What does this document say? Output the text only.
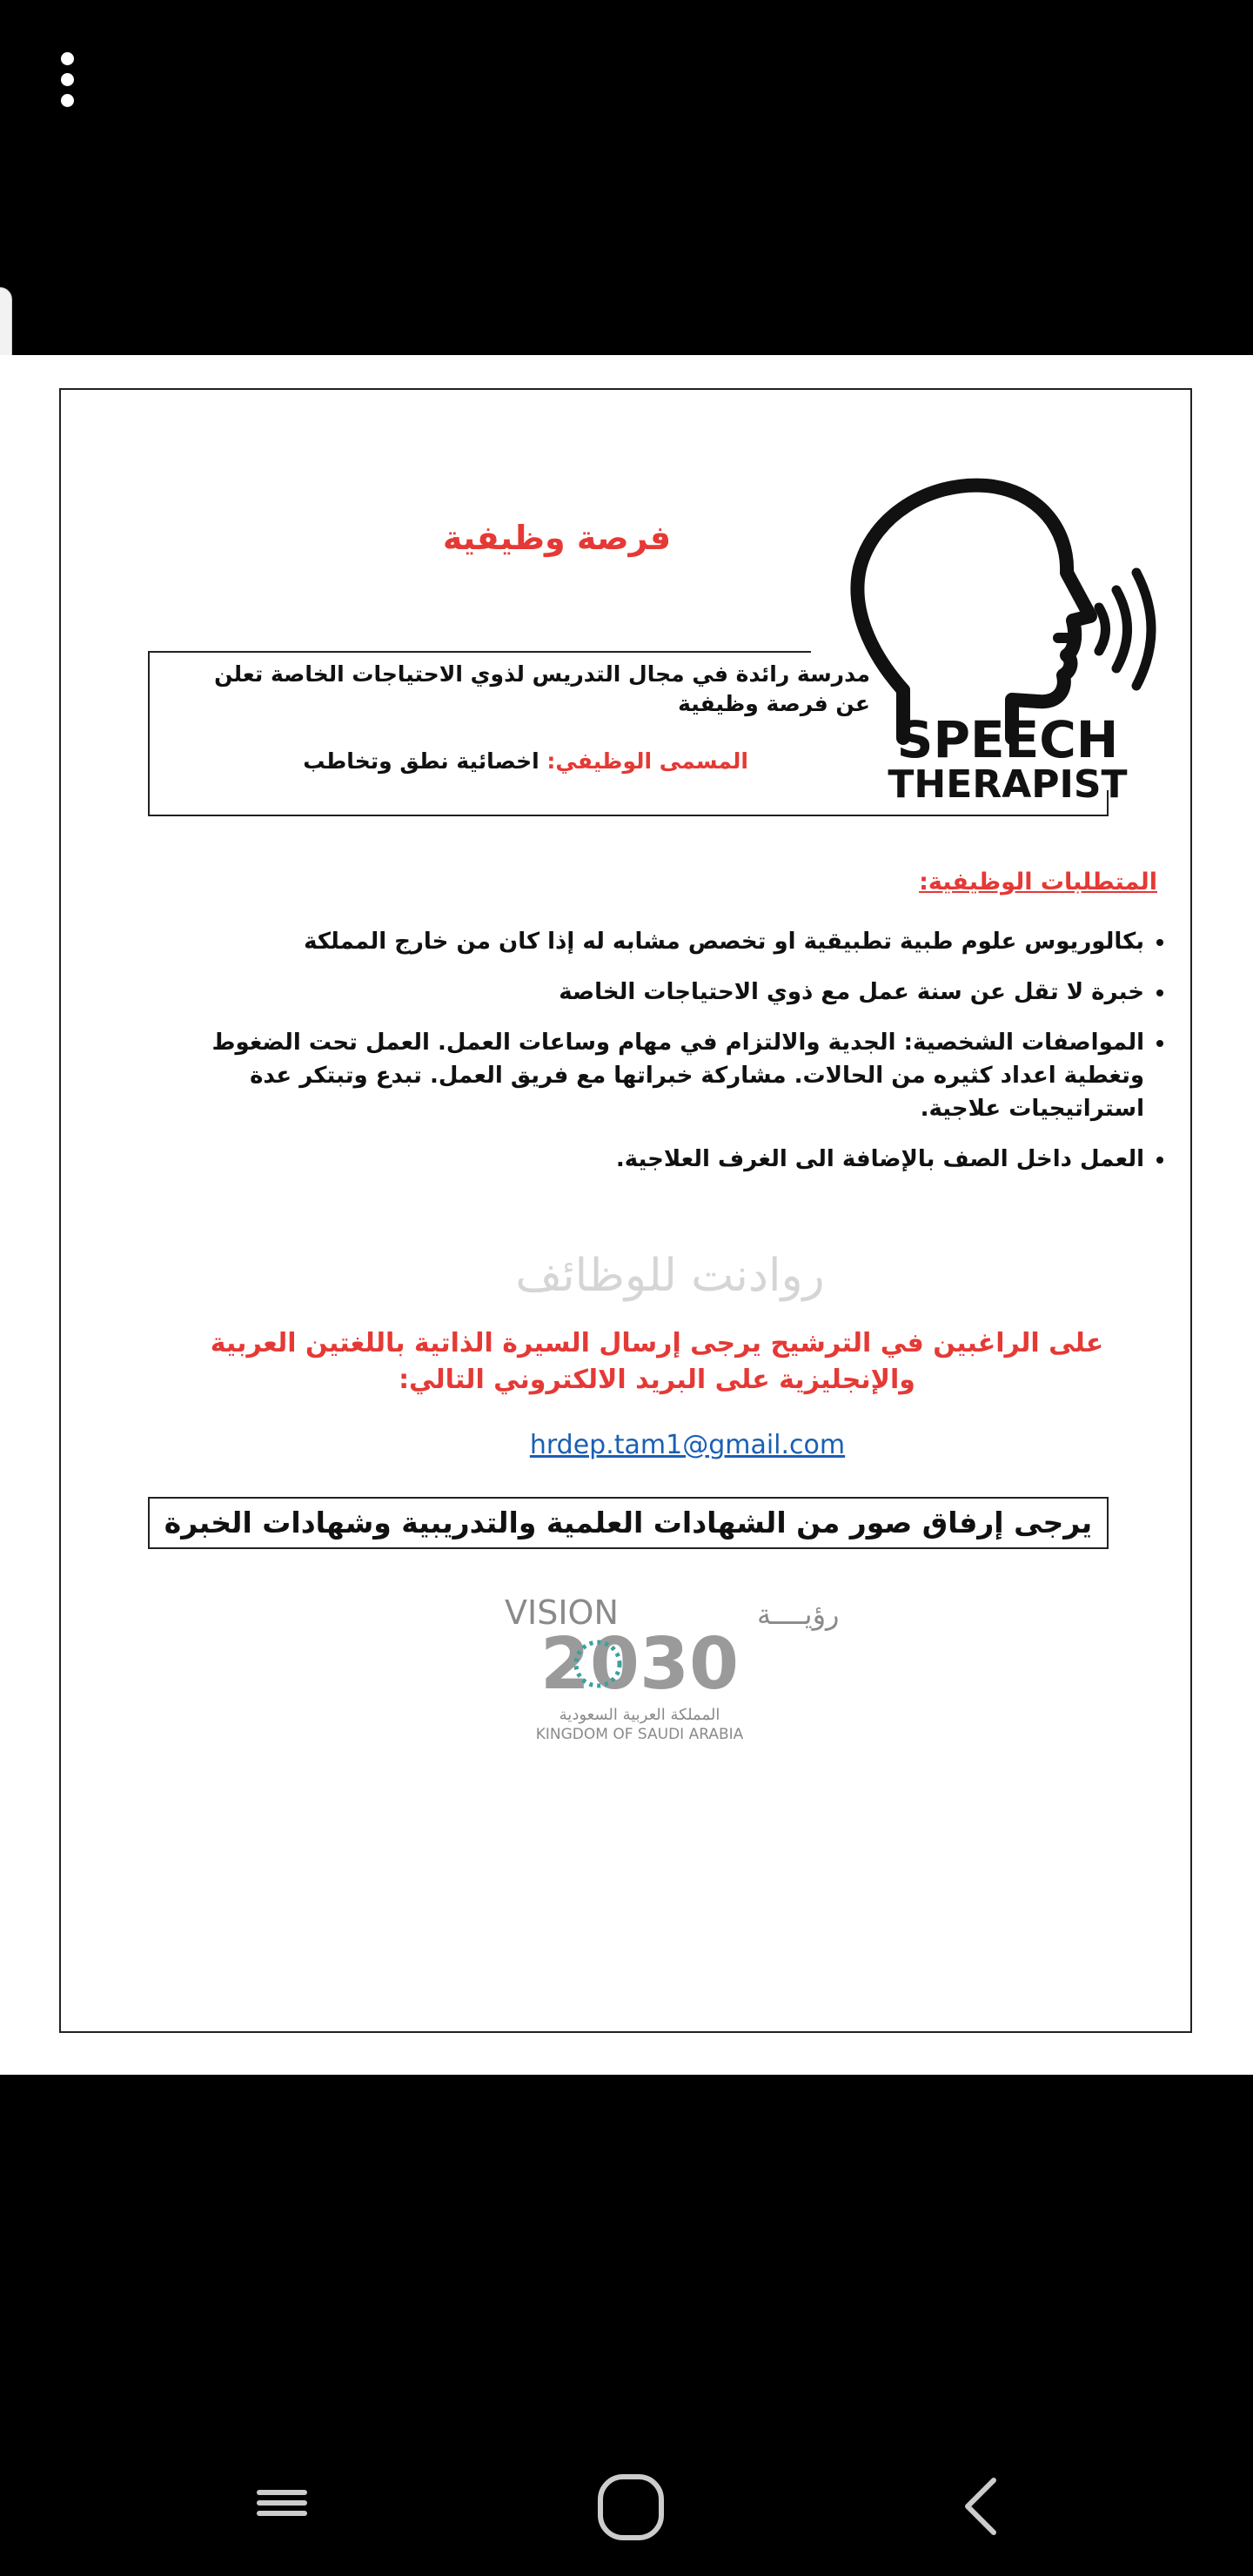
فرصة وظيفية
SPEECH
THERAPIST
مدرسة رائدة في مجال التدريس لذوي الاحتياجات الخاصة تعلن عن فرصة وظيفية
المسمى الوظيفي: اخصائية نطق وتخاطب
المتطلبات الوظيفية:
• بكالوريوس علوم طبية تطبيقية او تخصص مشابه له إذا كان من خارج المملكة
• خبرة لا تقل عن سنة عمل مع ذوي الاحتياجات الخاصة
• المواصفات الشخصية: الجدية والالتزام في مهام وساعات العمل. العمل تحت الضغوط وتغطية اعداد كثيره من الحالات. مشاركة خبراتها مع فريق العمل. تبدع وتبتكر عدة استراتيجيات علاجية.
• العمل داخل الصف بالإضافة الى الغرف العلاجية.
روادنت للوظائف
على الراغبين في الترشيح يرجى إرسال السيرة الذاتية باللغتين العربية والإنجليزية على البريد الالكتروني التالي:
hrdep.tam1@gmail.com
يرجى إرفاق صور من الشهادات العلمية والتدريبية وشهادات الخبرة
VISION	رؤيــــة
2030
المملكة العربية السعودية
KINGDOM OF SAUDI ARABIA
